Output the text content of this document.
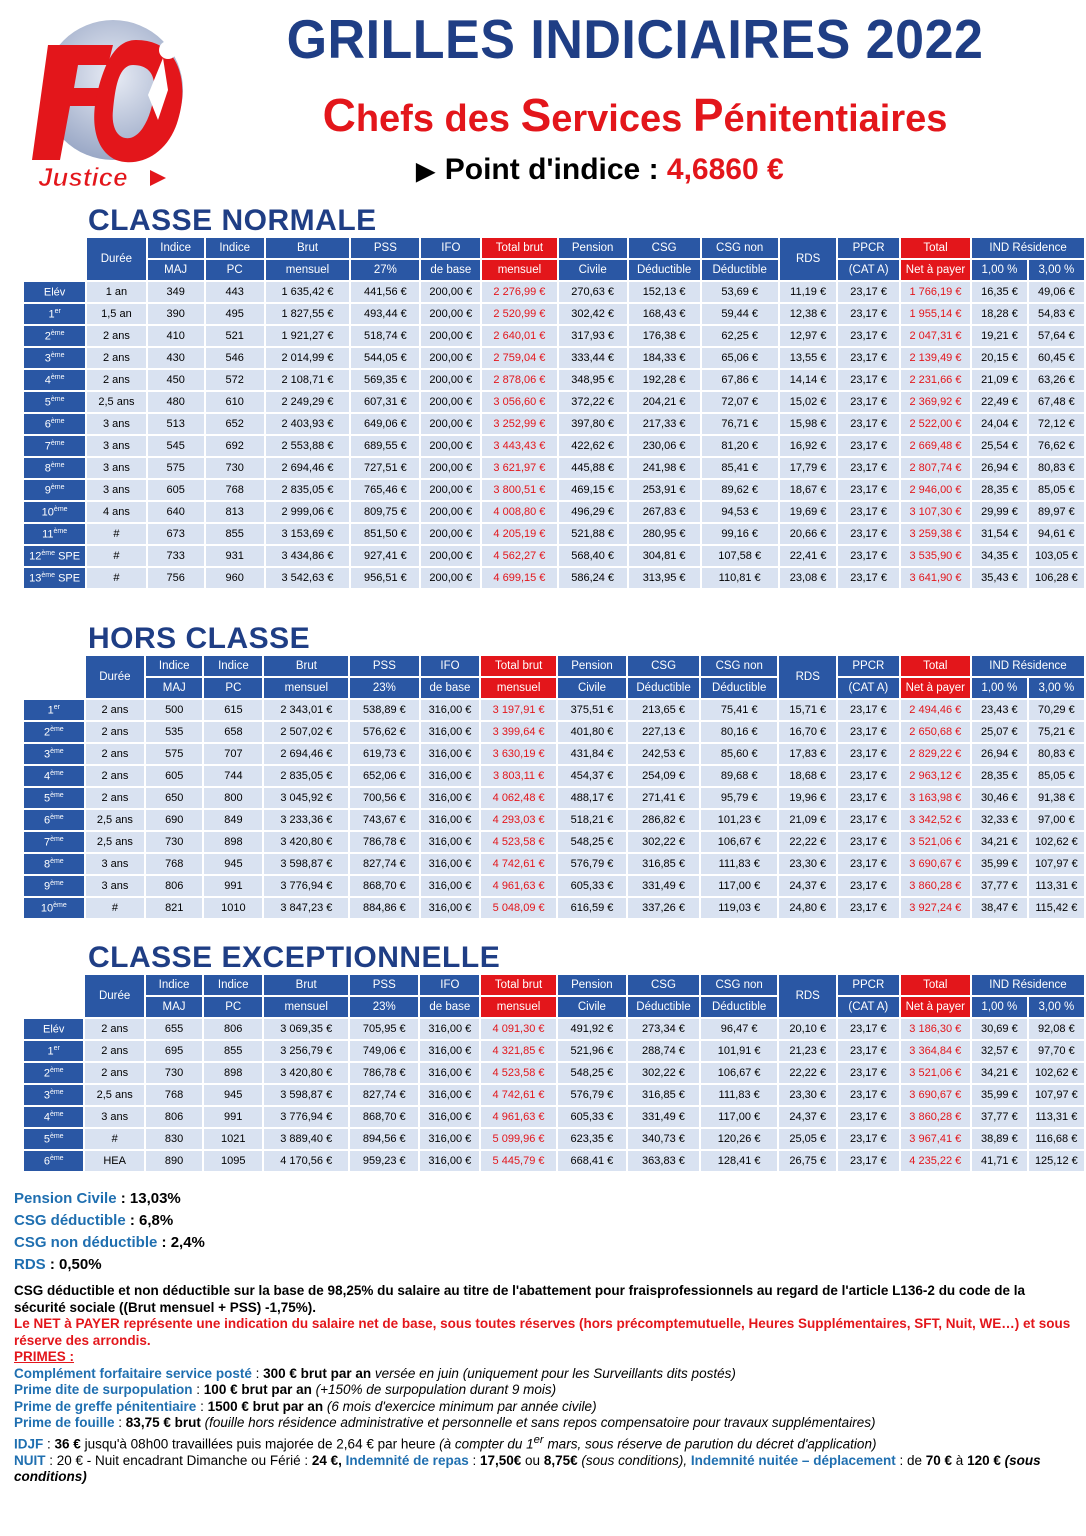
Justice
GRILLES INDICIAIRES 2022
Chefs des Services Pénitentiaires
▶ Point d'indice : 4,6860 €
CLASSE NORMALE
HORS CLASSE
CLASSE EXCEPTIONNELLE
	Durée	Indice	Indice	Brut	PSS	IFO	Total brut	Pension	CSG	CSG non	RDS	PPCR	Total	IND Résidence	
		MAJ	PC	mensuel	27%	de base	mensuel	Civile	Déductible	Déductible		(CAT A)	Net à payer	1,00 %	3,00 %
Elév	1 an	349	443	1 635,42 €	441,56 €	200,00 €	2 276,99 €	270,63 €	152,13 €	53,69 €	11,19 €	23,17 €	1 766,19 €	16,35 €	49,06 €
1er	1,5 an	390	495	1 827,55 €	493,44 €	200,00 €	2 520,99 €	302,42 €	168,43 €	59,44 €	12,38 €	23,17 €	1 955,14 €	18,28 €	54,83 €
2ème	2 ans	410	521	1 921,27 €	518,74 €	200,00 €	2 640,01 €	317,93 €	176,38 €	62,25 €	12,97 €	23,17 €	2 047,31 €	19,21 €	57,64 €
3ème	2 ans	430	546	2 014,99 €	544,05 €	200,00 €	2 759,04 €	333,44 €	184,33 €	65,06 €	13,55 €	23,17 €	2 139,49 €	20,15 €	60,45 €
4ème	2 ans	450	572	2 108,71 €	569,35 €	200,00 €	2 878,06 €	348,95 €	192,28 €	67,86 €	14,14 €	23,17 €	2 231,66 €	21,09 €	63,26 €
5ème	2,5 ans	480	610	2 249,29 €	607,31 €	200,00 €	3 056,60 €	372,22 €	204,21 €	72,07 €	15,02 €	23,17 €	2 369,92 €	22,49 €	67,48 €
6ème	3 ans	513	652	2 403,93 €	649,06 €	200,00 €	3 252,99 €	397,80 €	217,33 €	76,71 €	15,98 €	23,17 €	2 522,00 €	24,04 €	72,12 €
7ème	3 ans	545	692	2 553,88 €	689,55 €	200,00 €	3 443,43 €	422,62 €	230,06 €	81,20 €	16,92 €	23,17 €	2 669,48 €	25,54 €	76,62 €
8ème	3 ans	575	730	2 694,46 €	727,51 €	200,00 €	3 621,97 €	445,88 €	241,98 €	85,41 €	17,79 €	23,17 €	2 807,74 €	26,94 €	80,83 €
9ème	3 ans	605	768	2 835,05 €	765,46 €	200,00 €	3 800,51 €	469,15 €	253,91 €	89,62 €	18,67 €	23,17 €	2 946,00 €	28,35 €	85,05 €
10ème	4 ans	640	813	2 999,06 €	809,75 €	200,00 €	4 008,80 €	496,29 €	267,83 €	94,53 €	19,69 €	23,17 €	3 107,30 €	29,99 €	89,97 €
11ème	#	673	855	3 153,69 €	851,50 €	200,00 €	4 205,19 €	521,88 €	280,95 €	99,16 €	20,66 €	23,17 €	3 259,38 €	31,54 €	94,61 €
12ème SPE	#	733	931	3 434,86 €	927,41 €	200,00 €	4 562,27 €	568,40 €	304,81 €	107,58 €	22,41 €	23,17 €	3 535,90 €	34,35 €	103,05 €
13ème SPE	#	756	960	3 542,63 €	956,51 €	200,00 €	4 699,15 €	586,24 €	313,95 €	110,81 €	23,08 €	23,17 €	3 641,90 €	35,43 €	106,28 €
	Durée	Indice	Indice	Brut	PSS	IFO	Total brut	Pension	CSG	CSG non	RDS	PPCR	Total	IND Résidence	
		MAJ	PC	mensuel	23%	de base	mensuel	Civile	Déductible	Déductible		(CAT A)	Net à payer	1,00 %	3,00 %
1er	2 ans	500	615	2 343,01 €	538,89 €	316,00 €	3 197,91 €	375,51 €	213,65 €	75,41 €	15,71 €	23,17 €	2 494,46 €	23,43 €	70,29 €
2ème	2 ans	535	658	2 507,02 €	576,62 €	316,00 €	3 399,64 €	401,80 €	227,13 €	80,16 €	16,70 €	23,17 €	2 650,68 €	25,07 €	75,21 €
3ème	2 ans	575	707	2 694,46 €	619,73 €	316,00 €	3 630,19 €	431,84 €	242,53 €	85,60 €	17,83 €	23,17 €	2 829,22 €	26,94 €	80,83 €
4ème	2 ans	605	744	2 835,05 €	652,06 €	316,00 €	3 803,11 €	454,37 €	254,09 €	89,68 €	18,68 €	23,17 €	2 963,12 €	28,35 €	85,05 €
5ème	2 ans	650	800	3 045,92 €	700,56 €	316,00 €	4 062,48 €	488,17 €	271,41 €	95,79 €	19,96 €	23,17 €	3 163,98 €	30,46 €	91,38 €
6ème	2,5 ans	690	849	3 233,36 €	743,67 €	316,00 €	4 293,03 €	518,21 €	286,82 €	101,23 €	21,09 €	23,17 €	3 342,52 €	32,33 €	97,00 €
7ème	2,5 ans	730	898	3 420,80 €	786,78 €	316,00 €	4 523,58 €	548,25 €	302,22 €	106,67 €	22,22 €	23,17 €	3 521,06 €	34,21 €	102,62 €
8ème	3 ans	768	945	3 598,87 €	827,74 €	316,00 €	4 742,61 €	576,79 €	316,85 €	111,83 €	23,30 €	23,17 €	3 690,67 €	35,99 €	107,97 €
9ème	3 ans	806	991	3 776,94 €	868,70 €	316,00 €	4 961,63 €	605,33 €	331,49 €	117,00 €	24,37 €	23,17 €	3 860,28 €	37,77 €	113,31 €
10ème	#	821	1010	3 847,23 €	884,86 €	316,00 €	5 048,09 €	616,59 €	337,26 €	119,03 €	24,80 €	23,17 €	3 927,24 €	38,47 €	115,42 €
	Durée	Indice	Indice	Brut	PSS	IFO	Total brut	Pension	CSG	CSG non	RDS	PPCR	Total	IND Résidence	
		MAJ	PC	mensuel	23%	de base	mensuel	Civile	Déductible	Déductible		(CAT A)	Net à payer	1,00 %	3,00 %
Elév	2 ans	655	806	3 069,35 €	705,95 €	316,00 €	4 091,30 €	491,92 €	273,34 €	96,47 €	20,10 €	23,17 €	3 186,30 €	30,69 €	92,08 €
1er	2 ans	695	855	3 256,79 €	749,06 €	316,00 €	4 321,85 €	521,96 €	288,74 €	101,91 €	21,23 €	23,17 €	3 364,84 €	32,57 €	97,70 €
2ème	2 ans	730	898	3 420,80 €	786,78 €	316,00 €	4 523,58 €	548,25 €	302,22 €	106,67 €	22,22 €	23,17 €	3 521,06 €	34,21 €	102,62 €
3ème	2,5 ans	768	945	3 598,87 €	827,74 €	316,00 €	4 742,61 €	576,79 €	316,85 €	111,83 €	23,30 €	23,17 €	3 690,67 €	35,99 €	107,97 €
4ème	3 ans	806	991	3 776,94 €	868,70 €	316,00 €	4 961,63 €	605,33 €	331,49 €	117,00 €	24,37 €	23,17 €	3 860,28 €	37,77 €	113,31 €
5ème	#	830	1021	3 889,40 €	894,56 €	316,00 €	5 099,96 €	623,35 €	340,73 €	120,26 €	25,05 €	23,17 €	3 967,41 €	38,89 €	116,68 €
6ème	HEA	890	1095	4 170,56 €	959,23 €	316,00 €	5 445,79 €	668,41 €	363,83 €	128,41 €	26,75 €	23,17 €	4 235,22 €	41,71 €	125,12 €
Pension Civile : 13,03%
CSG déductible : 6,8%
CSG non déductible : 2,4%
RDS : 0,50%

CSG déductible et non déductible sur la base de 98,25% du salaire au titre de l'abattement pour fraisprofessionnels au regard de l'article L136-2 du code de la sécurité sociale ((Brut mensuel + PSS) -1,75%).

Le NET à PAYER représente une indication du salaire net de base, sous toutes réserves (hors précomptemutuelle, Heures Supplémentaires, SFT, Nuit, WE…) et sous réserve des arrondis.

PRIMES :

Complément forfaitaire service posté : 300 € brut par an versée en juin (uniquement pour les Surveillants dits postés)

Prime dite de surpopulation : 100 € brut par an (+150% de surpopulation durant 9 mois)

Prime de greffe pénitentiaire : 1500 € brut par an (6 mois d'exercice minimum par année civile)

Prime de fouille : 83,75 € brut (fouille hors résidence administrative et personnelle et sans repos compensatoire pour travaux supplémentaires)

IDJF : 36 € jusqu'à 08h00 travaillées puis majorée de 2,64 € par heure (à compter du 1er mars, sous réserve de parution du décret d'application)

NUIT : 20 € - Nuit encadrant Dimanche ou Férié : 24 €, Indemnité de repas : 17,50€ ou 8,75€ (sous conditions), Indemnité nuitée – déplacement : de 70 € à 120 € (sous conditions)
